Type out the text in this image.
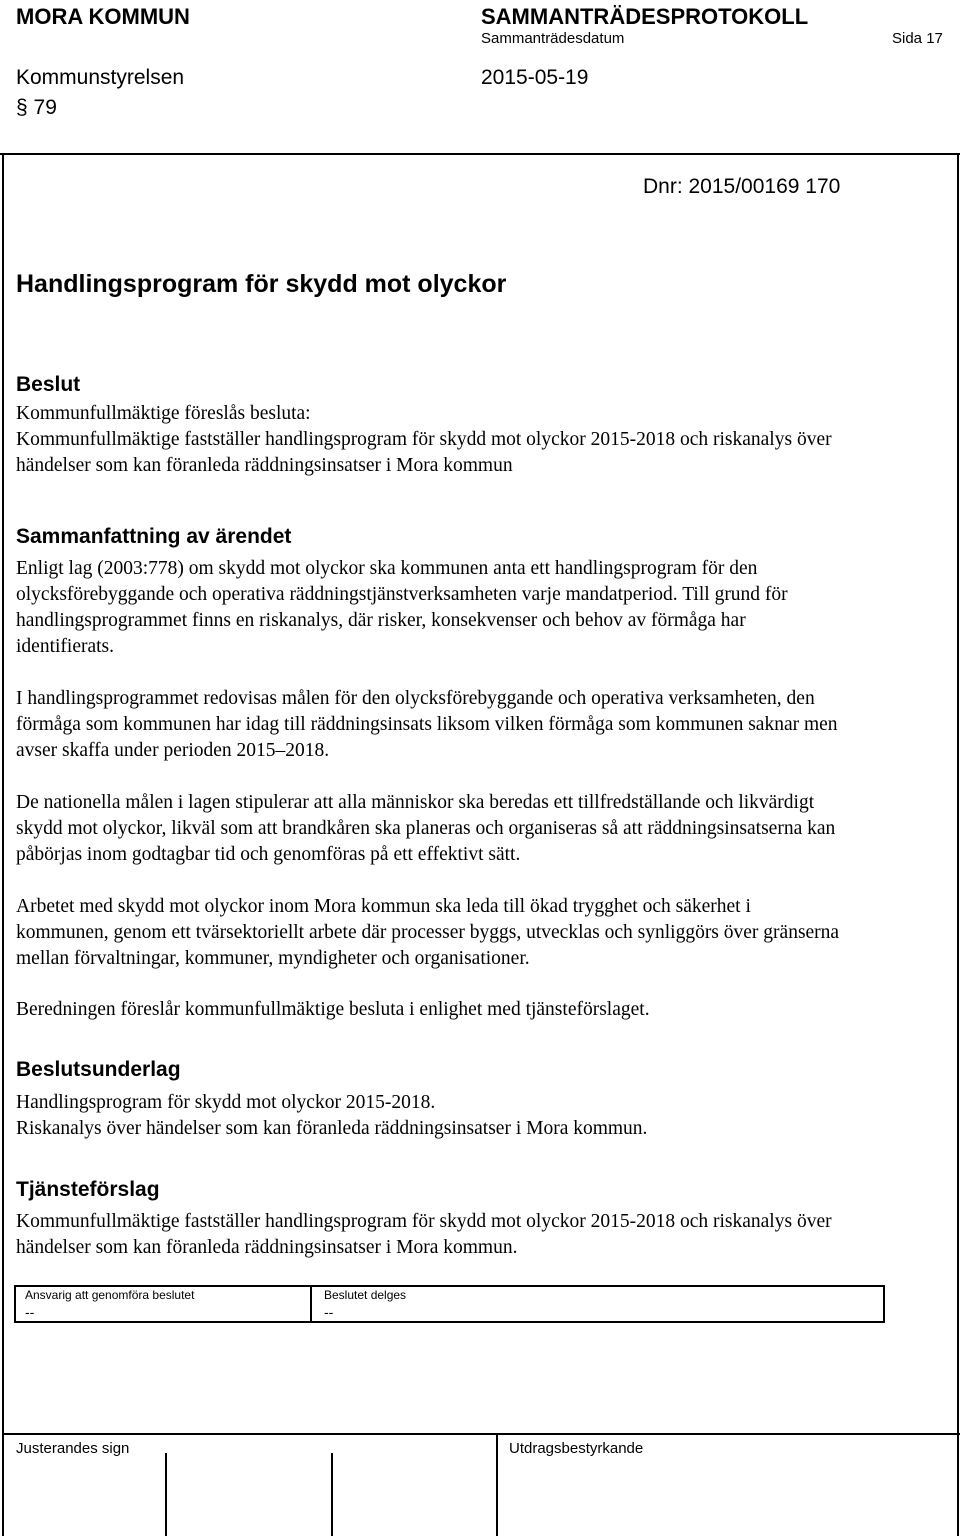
MORA KOMMUN	SAMMANTRÄDESPROTOKOLL
Sammanträdesdatum	Sida 17
Kommunstyrelsen	2015-05-19
§ 79
Dnr: 2015/00169 170
Handlingsprogram för skydd mot olyckor
Beslut
Kommunfullmäktige föreslås besluta:
Kommunfullmäktige fastställer handlingsprogram för skydd mot olyckor 2015-2018 och riskanalys över
händelser som kan föranleda räddningsinsatser i Mora kommun
Sammanfattning av ärendet
Enligt lag (2003:778) om skydd mot olyckor ska kommunen anta ett handlingsprogram för den
olycksförebyggande och operativa räddningstjänstverksamheten varje mandatperiod. Till grund för
handlingsprogrammet finns en riskanalys, där risker, konsekvenser och behov av förmåga har
identifierats.
I handlingsprogrammet redovisas målen för den olycksförebyggande och operativa verksamheten, den
förmåga som kommunen har idag till räddningsinsats liksom vilken förmåga som kommunen saknar men
avser skaffa under perioden 2015–2018.
De nationella målen i lagen stipulerar att alla människor ska beredas ett tillfredställande och likvärdigt
skydd mot olyckor, likväl som att brandkåren ska planeras och organiseras så att räddningsinsatserna kan
påbörjas inom godtagbar tid och genomföras på ett effektivt sätt.
Arbetet med skydd mot olyckor inom Mora kommun ska leda till ökad trygghet och säkerhet i
kommunen, genom ett tvärsektoriellt arbete där processer byggs, utvecklas och synliggörs över gränserna
mellan förvaltningar, kommuner, myndigheter och organisationer.
Beredningen föreslår kommunfullmäktige besluta i enlighet med tjänsteförslaget.
Beslutsunderlag
Handlingsprogram för skydd mot olyckor 2015-2018.
Riskanalys över händelser som kan föranleda räddningsinsatser i Mora kommun.
Tjänsteförslag
Kommunfullmäktige fastställer handlingsprogram för skydd mot olyckor 2015-2018 och riskanalys över
händelser som kan föranleda räddningsinsatser i Mora kommun.
Ansvarig att genomföra beslutet
--
Beslutet delges
--
Justerandes sign	Utdragsbestyrkande
